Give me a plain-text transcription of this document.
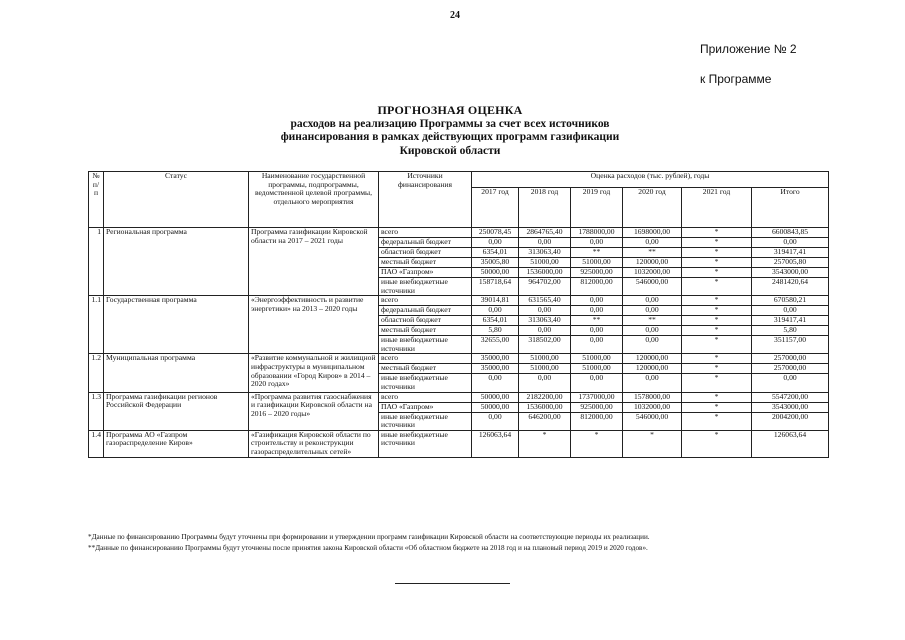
24
Приложение № 2
к Программе
ПРОГНОЗНАЯ ОЦЕНКА
расходов на реализацию Программы за счет всех источников
финансирования в рамках действующих программ газификации
Кировской области
№ п/п	Статус	Наименование государственной программы, подпрограммы, ведомственной целевой программы, отдельного мероприятия	Источники финансирования	Оценка расходов (тыс. рублей), годы					
				2017 год	2018 год	2019 год	2020 год	2021 год	Итого
1	Региональная программа	Программа газификации Кировской области на 2017 – 2021 годы	всего	250078,45	2864765,40	1788000,00	1698000,00	*	6600843,85
			федеральный бюджет	0,00	0,00	0,00	0,00	*	0,00
			областной бюджет	6354,01	313063,40	**	**	*	319417,41
			местный бюджет	35005,80	51000,00	51000,00	120000,00	*	257005,80
			ПАО «Газпром»	50000,00	1536000,00	925000,00	1032000,00	*	3543000,00
			иные внебюджетные источники	158718,64	964702,00	812000,00	546000,00	*	2481420,64
1.1	Государственная программа	«Энергоэффективность и развитие энергетики» на 2013 – 2020 годы	всего	39014,81	631565,40	0,00	0,00	*	670580,21
			федеральный бюджет	0,00	0,00	0,00	0,00	*	0,00
			областной бюджет	6354,01	313063,40	**	**	*	319417,41
			местный бюджет	5,80	0,00	0,00	0,00	*	5,80
			иные внебюджетные источники	32655,00	318502,00	0,00	0,00	*	351157,00
1.2	Муниципальная программа	«Развитие коммунальной и жилищной инфраструктуры в муниципальном образовании «Город Киров» в 2014 – 2020 годах»	всего	35000,00	51000,00	51000,00	120000,00	*	257000,00
			местный бюджет	35000,00	51000,00	51000,00	120000,00	*	257000,00
			иные внебюджетные источники	0,00	0,00	0,00	0,00	*	0,00
1.3	Программа газификации регионов Российской Федерации	«Программа развития газоснабжения и газификации Кировской области на 2016 – 2020 годы»	всего	50000,00	2182200,00	1737000,00	1578000,00	*	5547200,00
			ПАО «Газпром»	50000,00	1536000,00	925000,00	1032000,00	*	3543000,00
			иные внебюджетные источники	0,00	646200,00	812000,00	546000,00	*	2004200,00
1.4	Программа АО «Газпром газораспределение Киров»	«Газификация Кировской области по строительству и реконструкции газораспределительных сетей»	иные внебюджетные источники	126063,64	*	*	*	*	126063,64
*Данные по финансированию Программы будут уточнены при формировании и утверждении программ газификации Кировской области на соответствующие периоды их реализации.
**Данные по финансированию Программы будут уточнены после принятия закона Кировской области «Об областном бюджете на 2018 год и на плановый период 2019 и 2020 годов».
